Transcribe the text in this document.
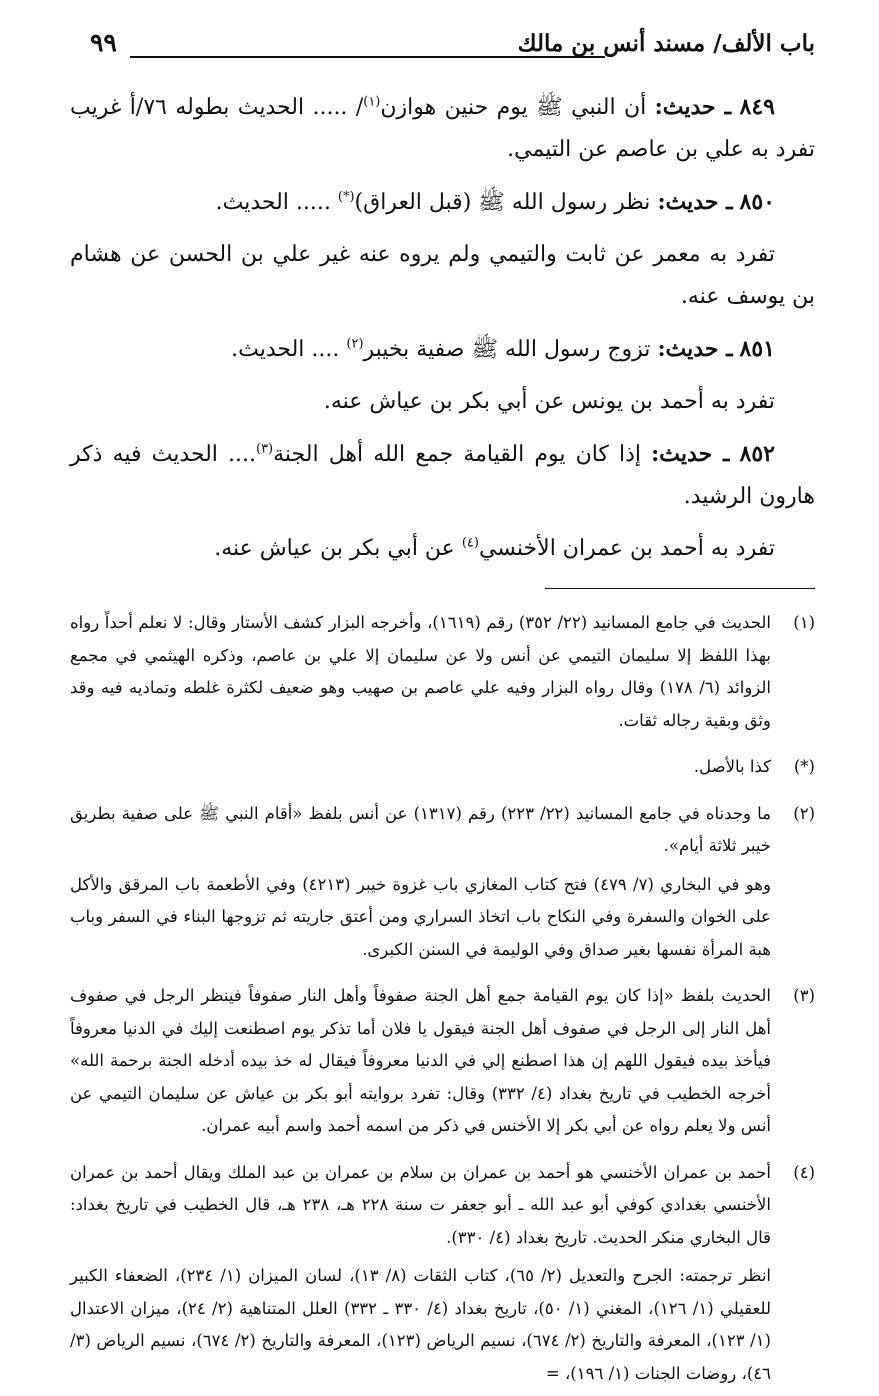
باب الألف/ مسند أنس بن مالك
٩٩

٨٤٩ ـ حديث: أن النبي ﷺ يوم حنين هوازن$^{(١)}$/ ..... الحديث بطوله ٧٦/أ غريب تفرد به علي بن عاصم عن التيمي.

٨٥٠ ـ حديث: نظر رسول الله ﷺ (قبل العراق)(*) ..... الحديث.

تفرد به معمر عن ثابت والتيمي ولم يروه عنه غير علي بن الحسن عن هشام بن يوسف عنه.

٨٥١ ـ حديث: تزوج رسول الله ﷺ صفية بخيبر$^{(٢)}$ .... الحديث.

تفرد به أحمد بن يونس عن أبي بكر بن عياش عنه.

٨٥٢ ـ حديث: إذا كان يوم القيامة جمع الله أهل الجنة$^{(٣)}$.... الحديث فيه ذكر هارون الرشيد.

تفرد به أحمد بن عمران الأخنسي$^{(٤)}$ عن أبي بكر بن عياش عنه.

(١)

الحديث في جامع المسانيد (٢٢/ ٣٥٢) رقم (١٦١٩)، وأخرجه البزار كشف الأستار وقال: لا نعلم أحداً رواه بهذا اللفظ إلا سليمان التيمي عن أنس ولا عن سليمان إلا علي بن عاصم، وذكره الهيثمي في مجمع الزوائد (٦/ ١٧٨) وقال رواه البزار وفيه علي عاصم بن صهيب وهو ضعيف لكثرة غلطه وتماديه فيه وقد وثق وبقية رجاله ثقات.

(*)

كذا بالأصل.

(٢)

ما وجدناه في جامع المسانيد (٢٢/ ٢٢٣) رقم (١٣١٧) عن أنس بلفظ «أقام النبي ﷺ على صفية بطريق خيبر ثلاثة أيام».

وهو في البخاري (٧/ ٤٧٩) فتح كتاب المغازي باب غزوة خيبر (٤٢١٣) وفي الأطعمة باب المرقق والأكل على الخوان والسفرة وفي النكاح باب اتخاذ السراري ومن أعتق جاريته ثم تزوجها البناء في السفر وباب هبة المرأة نفسها بغير صداق وفي الوليمة في السنن الكبرى.

(٣)

الحديث بلفظ «إذا كان يوم القيامة جمع أهل الجنة صفوفاً وأهل النار صفوفاً فينظر الرجل في صفوف أهل النار إلى الرجل في صفوف أهل الجنة فيقول يا فلان أما تذكر يوم اصطنعت إليك في الدنيا معروفاً فيأخذ بيده فيقول اللهم إن هذا اصطنع إلي في الدنيا معروفاً فيقال له خذ بيده أدخله الجنة برحمة الله» أخرجه الخطيب في تاريخ بغداد (٤/ ٣٣٢) وقال: تفرد بروايته أبو بكر بن عياش عن سليمان التيمي عن أنس ولا يعلم رواه عن أبي بكر إلا الأخنس في ذكر من اسمه أحمد واسم أبيه عمران.

(٤)

أحمد بن عمران الأخنسي هو أحمد بن عمران بن سلام بن عمران بن عبد الملك ويقال أحمد بن عمران الأخنسي بغدادي كوفي أبو عبد الله ـ أبو جعفر ت سنة ٢٢٨ هـ، ٢٣٨ هـ، قال الخطيب في تاريخ بغداد: قال البخاري منكر الحديث. تاريخ بغداد (٤/ ٣٣٠).

انظر ترجمته: الجرح والتعديل (٢/ ٦٥)، كتاب الثقات (٨/ ١٣)، لسان الميزان (١/ ٢٣٤)، الضعفاء الكبير للعقيلي (١/ ١٢٦)، المغني (١/ ٥٠)، تاريخ بغداد (٤/ ٣٣٠ ـ ٣٣٢) العلل المتناهية (٢/ ٢٤)، ميزان الاعتدال (١/ ١٢٣)، المعرفة والتاريخ (٢/ ٦٧٤)، نسيم الرياض (١٢٣)، المعرفة والتاريخ (٢/ ٦٧٤)، نسيم الرياض (٣/ ٤٦)، روضات الجنات (١/ ١٩٦)، =
